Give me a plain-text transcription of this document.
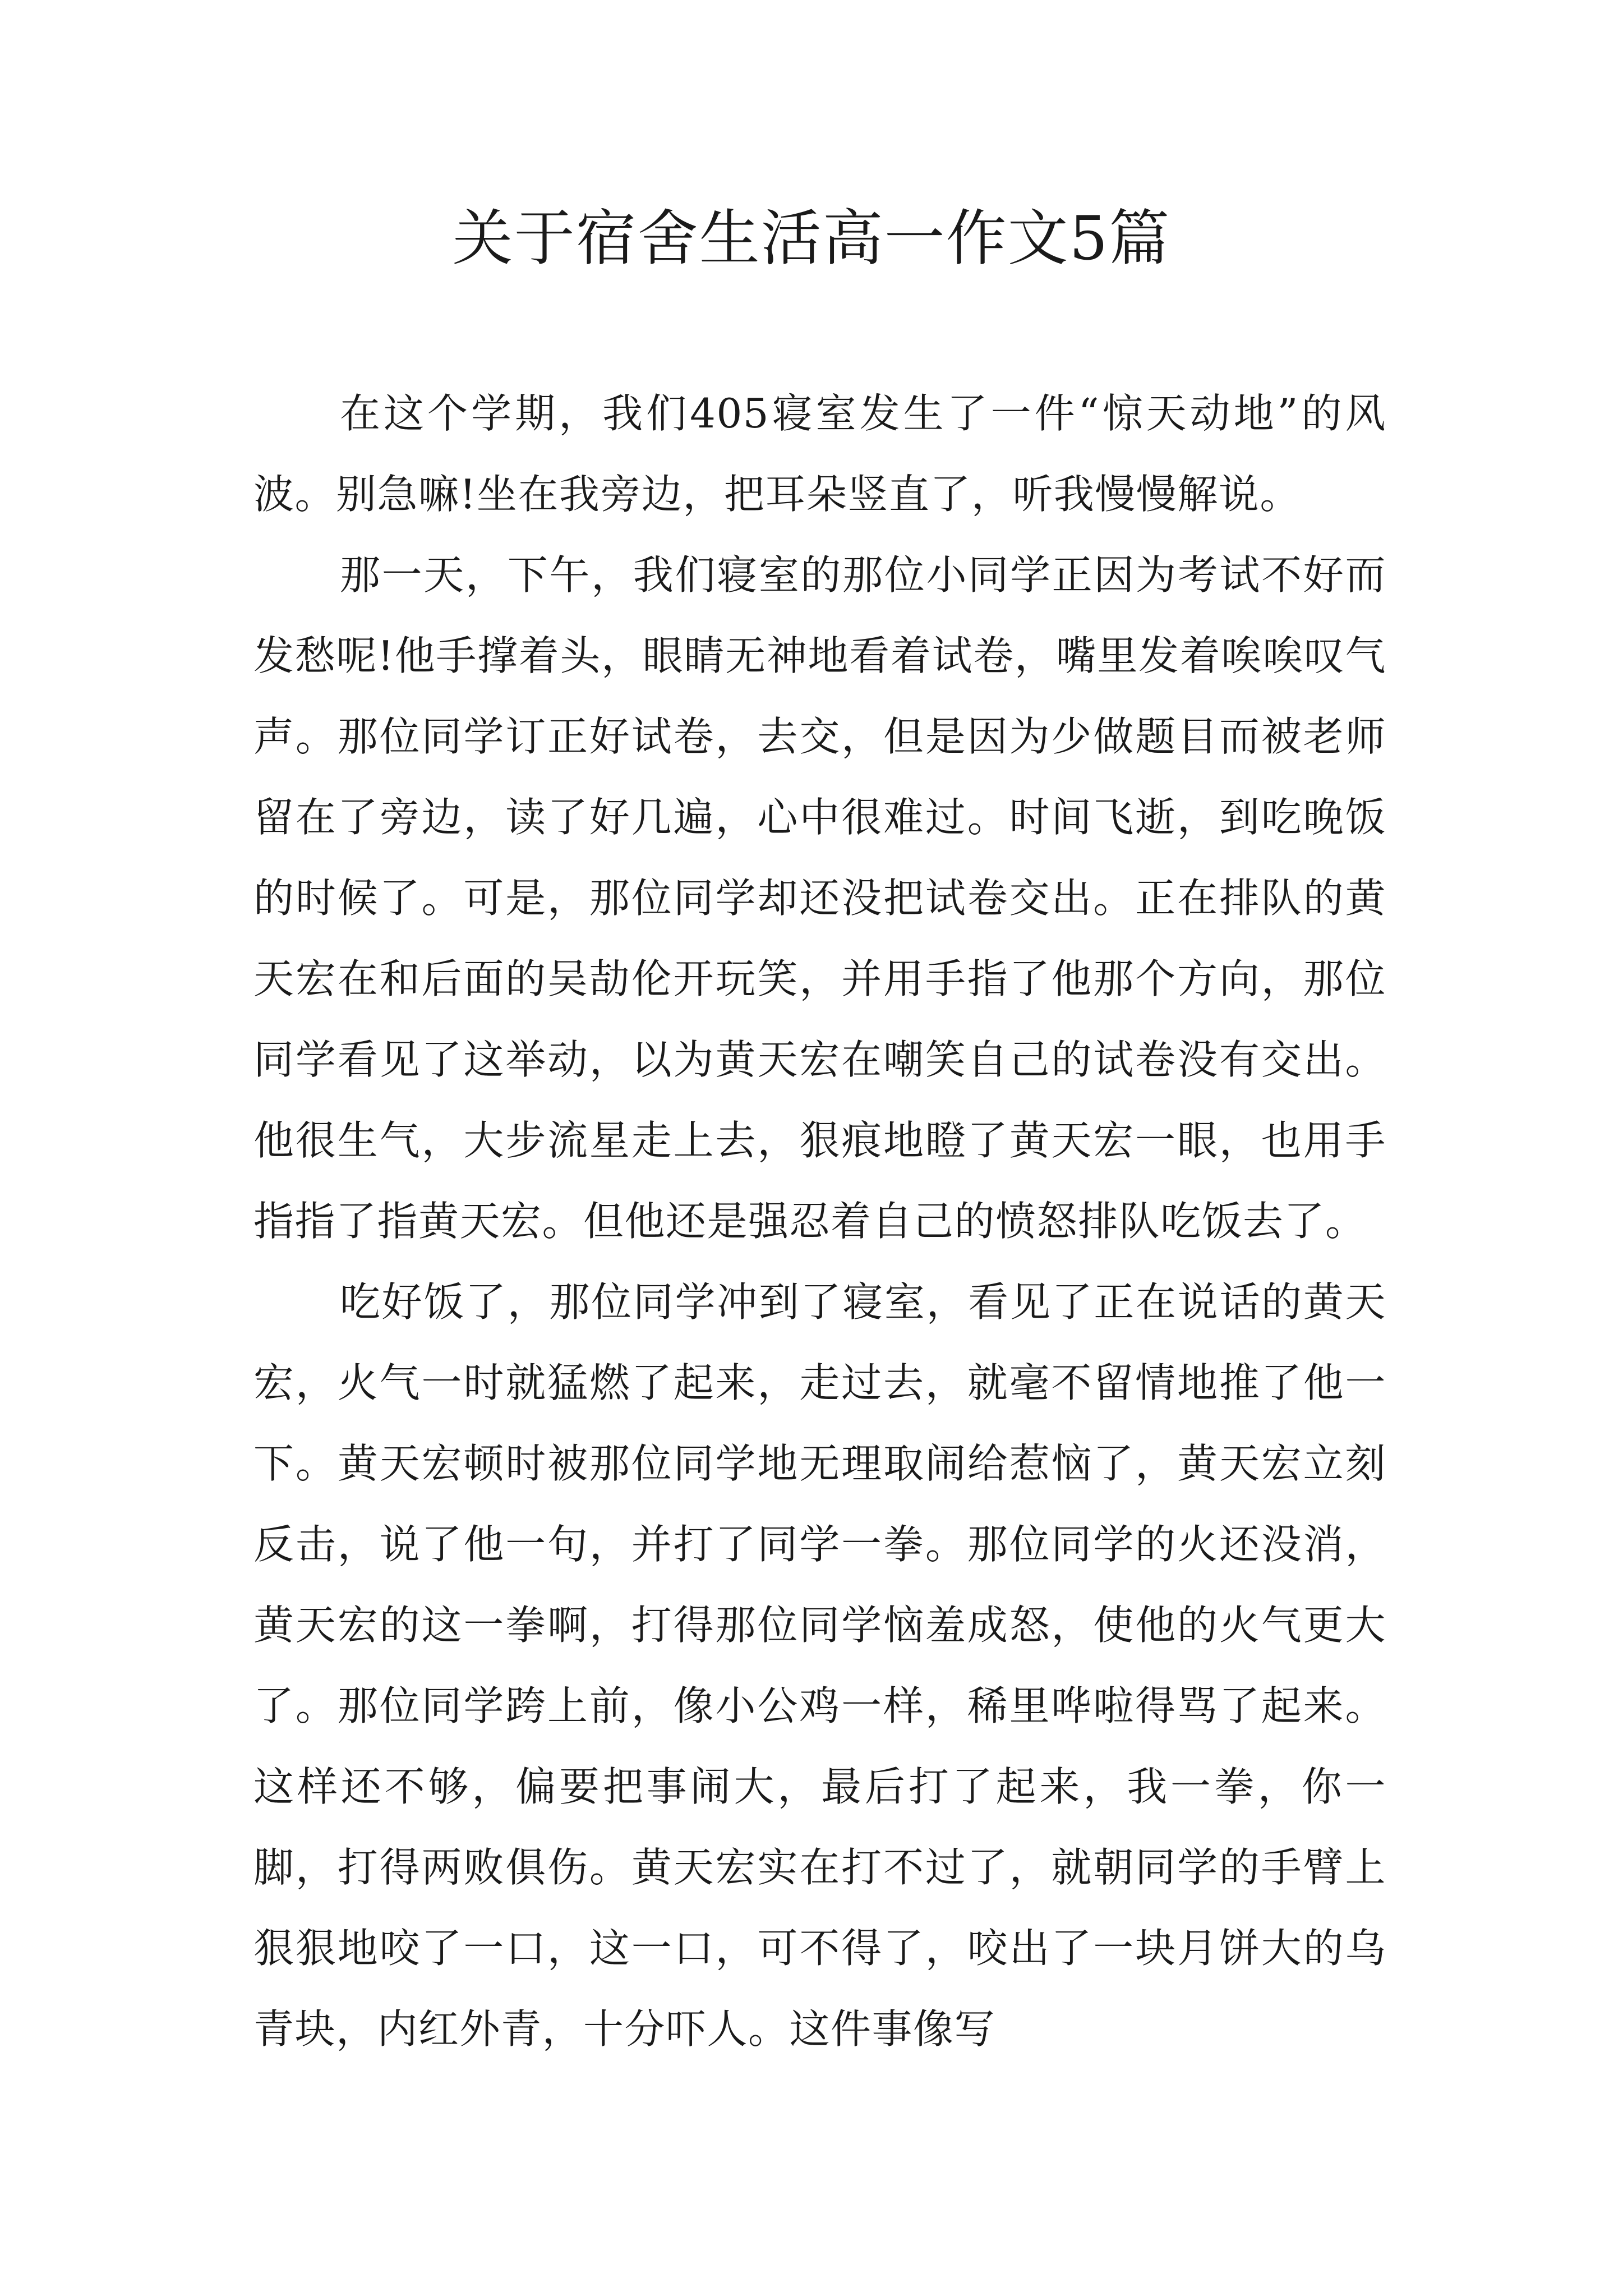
关于宿舍生活高一作文5篇

在这个学期，我们405寝室发生了一件“惊天动地”的风波。别急嘛!坐在我旁边，把耳朵竖直了，听我慢慢解说。

那一天，下午，我们寝室的那位小同学正因为考试不好而发愁呢!他手撑着头，眼睛无神地看着试卷，嘴里发着唉唉叹气声。那位同学订正好试卷，去交，但是因为少做题目而被老师留在了旁边，读了好几遍，心中很难过。时间飞逝，到吃晚饭的时候了。可是，那位同学却还没把试卷交出。正在排队的黄天宏在和后面的吴劼伦开玩笑，并用手指了他那个方向，那位同学看见了这举动，以为黄天宏在嘲笑自己的试卷没有交出。他很生气，大步流星走上去，狠痕地瞪了黄天宏一眼，也用手指指了指黄天宏。但他还是强忍着自己的愤怒排队吃饭去了。

吃好饭了，那位同学冲到了寝室，看见了正在说话的黄天宏，火气一时就猛燃了起来，走过去，就毫不留情地推了他一下。黄天宏顿时被那位同学地无理取闹给惹恼了，黄天宏立刻反击，说了他一句，并打了同学一拳。那位同学的火还没消，黄天宏的这一拳啊，打得那位同学恼羞成怒，使他的火气更大了。那位同学跨上前，像小公鸡一样，稀里哗啦得骂了起来。这样还不够，偏要把事闹大，最后打了起来，我一拳，你一脚，打得两败俱伤。黄天宏实在打不过了，就朝同学的手臂上狠狠地咬了一口，这一口，可不得了，咬出了一块月饼大的乌青块，内红外青，十分吓人。这件事像写
